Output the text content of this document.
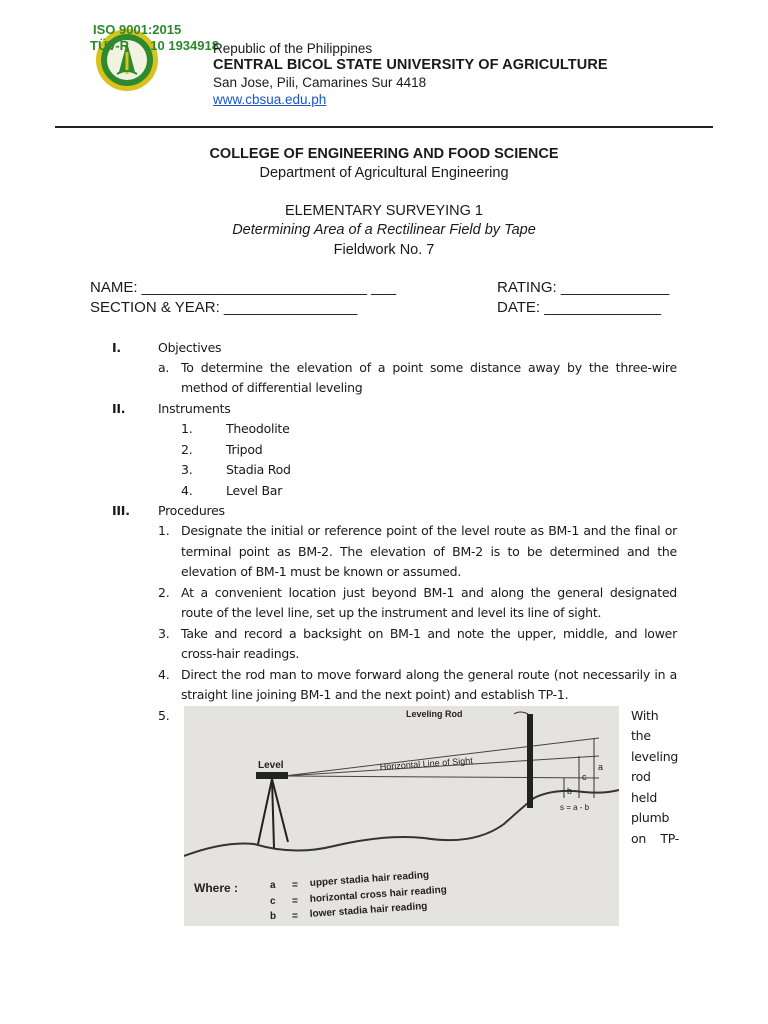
ISO 9001:2015
TÜV-R 10 1934918
Republic of the Philippines
CENTRAL BICOL STATE UNIVERSITY OF AGRICULTURE
San Jose, Pili, Camarines Sur 4418
www.cbsua.edu.ph
COLLEGE OF ENGINEERING AND FOOD SCIENCE
Department of Agricultural Engineering
ELEMENTARY SURVEYING 1
Determining Area of a Rectilinear Field by Tape
Fieldwork No. 7
NAME: ___________________________ ___	RATING: _____________
SECTION & YEAR: ________________	DATE: ______________
I.	Objectives
a. To determine the elevation of a point some distance away by the three-wire
method of differential leveling
II.	Instruments
1.	Theodolite
2.	Tripod
3.	Stadia Rod
4.	Level Bar
III. Procedures
1. Designate the initial or reference point of the level route as BM-1 and the final or
terminal point as BM-2. The elevation of BM-2 is to be determined and the
elevation of BM-1 must be known or assumed.
2. At a convenient location just beyond BM-1 and along the general designated
route of the level line, set up the instrument and level its line of sight.
3. Take and record a backsight on BM-1 and note the upper, middle, and lower
cross-hair readings.
4. Direct the rod man to move forward along the general route (not necessarily in a
straight line joining BM-1 and the next point) and establish TP-1.
5.	With
the
leveling
rod
held
plumb
on TP-
a
c
b
s = a - b
Leveling Rod
Level	Horizontal Line of Sight
Where :	a = upper stadia hair reading
c = horizontal cross hair reading
b = lower stadia hair reading
